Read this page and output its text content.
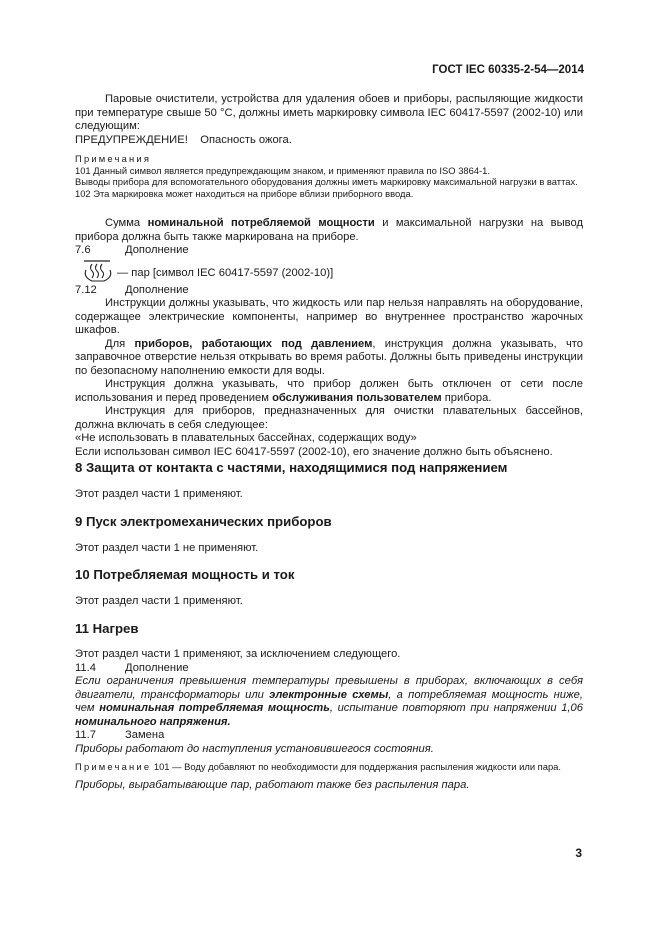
ГОСТ IEC 60335-2-54—2014

Паровые очистители, устройства для удаления обоев и приборы, распыляющие жидкости при температуре свыше 50 °С, должны иметь маркировку символа IEC 60417-5597 (2002-10) или следующим:

ПРЕДУПРЕЖДЕНИЕ! Опасность ожога.

Примечания
101 Данный символ является предупреждающим знаком, и применяют правила по ISO 3864-1.
Выводы прибора для вспомогательного оборудования должны иметь маркировку максимальной нагрузки в ваттах.
102 Эта маркировка может находиться на приборе вблизи приборного ввода.

Сумма номинальной потребляемой мощности и максимальной нагрузки на вывод прибора должна быть также маркирована на приборе.

7.6	Дополнение
— пар [символ IEC 60417-5597 (2002-10)]
7.12	Дополнение

Инструкции должны указывать, что жидкость или пар нельзя направлять на оборудование, содержащее электрические компоненты, например во внутреннее пространство жарочных шкафов.

Для приборов, работающих под давлением, инструкция должна указывать, что заправочное отверстие нельзя открывать во время работы. Должны быть приведены инструкции по безопасному наполнению емкости для воды.

Инструкция должна указывать, что прибор должен быть отключен от сети после использования и перед проведением обслуживания пользователем прибора.

Инструкция для приборов, предназначенных для очистки плавательных бассейнов, должна включать в себя следующее:

«Не использовать в плавательных бассейнах, содержащих воду»

Если использован символ IEC 60417-5597 (2002-10), его значение должно быть объяснено.

8 Защита от контакта с частями, находящимися под напряжением
Этот раздел части 1 применяют.
9 Пуск электромеханических приборов
Этот раздел части 1 не применяют.
10 Потребляемая мощность и ток
Этот раздел части 1 применяют.
11 Нагрев

Этот раздел части 1 применяют, за исключением следующего.

11.4	Дополнение

Если ограничения превышения температуры превышены в приборах, включающих в себя двигатели, трансформаторы или электронные схемы, а потребляемая мощность ниже, чем номинальная потребляемая мощность, испытание повторяют при напряжении 1,06 номинального напряжения.

11.7	Замена

Приборы работают до наступления установившегося состояния.

Примечание 101 — Воду добавляют по необходимости для поддержания распыления жидкости или пара.

Приборы, вырабатывающие пар, работают также без распыления пара.

3
